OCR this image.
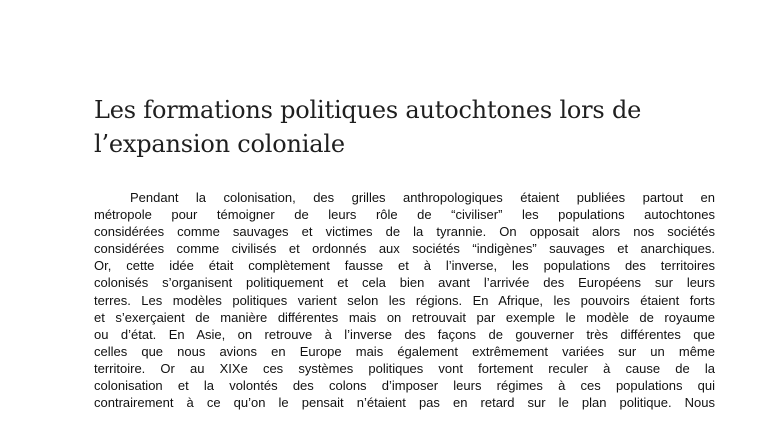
Les formations politiques autochtones lors de
l’expansion coloniale
Pendant la colonisation, des grilles anthropologiques étaient publiées partout en
métropole pour témoigner de leurs rôle de “civiliser” les populations autochtones
considérées comme sauvages et victimes de la tyrannie. On opposait alors nos sociétés
considérées comme civilisés et ordonnés aux sociétés “indigènes” sauvages et anarchiques.
Or, cette idée était complètement fausse et à l’inverse, les populations des territoires
colonisés s’organisent politiquement et cela bien avant l’arrivée des Européens sur leurs
terres. Les modèles politiques varient selon les régions. En Afrique, les pouvoirs étaient forts
et s’exerçaient de manière différentes mais on retrouvait par exemple le modèle de royaume
ou d’état. En Asie, on retrouve à l’inverse des façons de gouverner très différentes que
celles que nous avions en Europe mais également extrêmement variées sur un même
territoire. Or au XIXe ces systèmes politiques vont fortement reculer à cause de la
colonisation et la volontés des colons d’imposer leurs régimes à ces populations qui
contrairement à ce qu’on le pensait n’étaient pas en retard sur le plan politique. Nous
